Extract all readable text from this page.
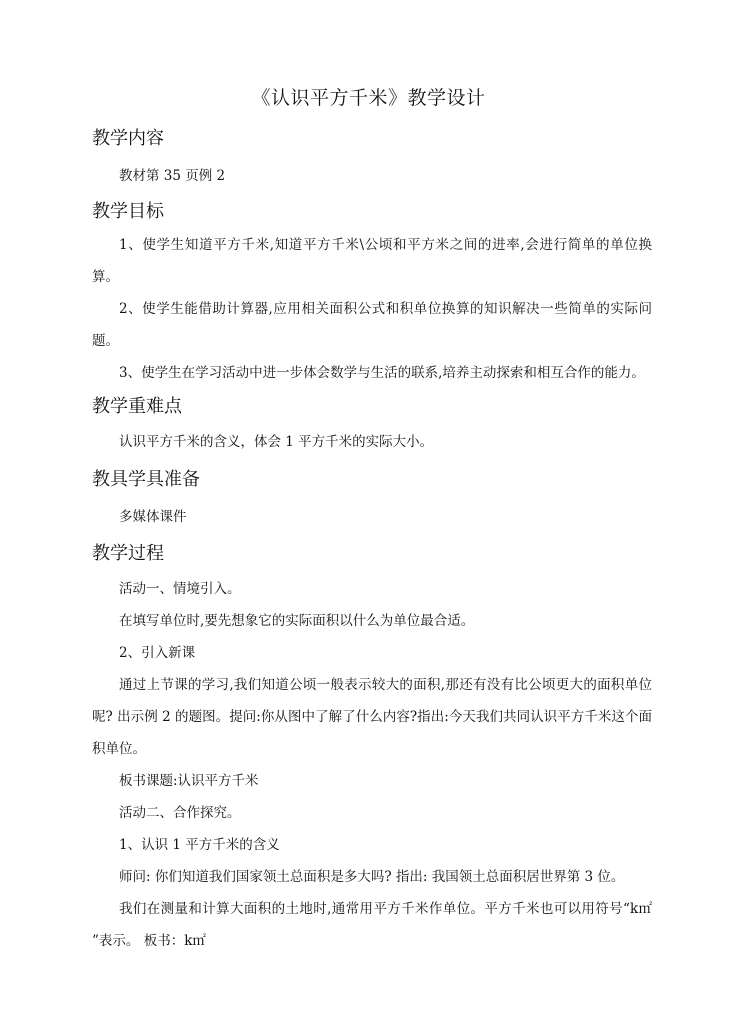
《认识平方千米》教学设计
教学内容

教材第 35 页例 2

教学目标

1、使学生知道平方千米,知道平方千米\公顷和平方米之间的进率,会进行简单的单位换算。

2、使学生能借助计算器,应用相关面积公式和积单位换算的知识解决一些简单的实际问题。

3、使学生在学习活动中进一步体会数学与生活的联系,培养主动探索和相互合作的能力。

教学重难点

认识平方千米的含义，体会 1 平方千米的实际大小。

教具学具准备

多媒体课件

教学过程

活动一、情境引入。

在填写单位时,要先想象它的实际面积以什么为单位最合适。

2、引入新课

通过上节课的学习,我们知道公顷一般表示较大的面积,那还有没有比公顷更大的面积单位呢? 出示例 2 的题图。提问:你从图中了解了什么内容?指出:今天我们共同认识平方千米这个面积单位。

板书课题:认识平方千米

活动二、合作探究。

1、认识 1 平方千米的含义

师问: 你们知道我们国家领土总面积是多大吗? 指出: 我国领土总面积居世界第 3 位。

我们在测量和计算大面积的土地时,通常用平方千米作单位。平方千米也可以用符号“k㎡ ”表示。 板书：k㎡
